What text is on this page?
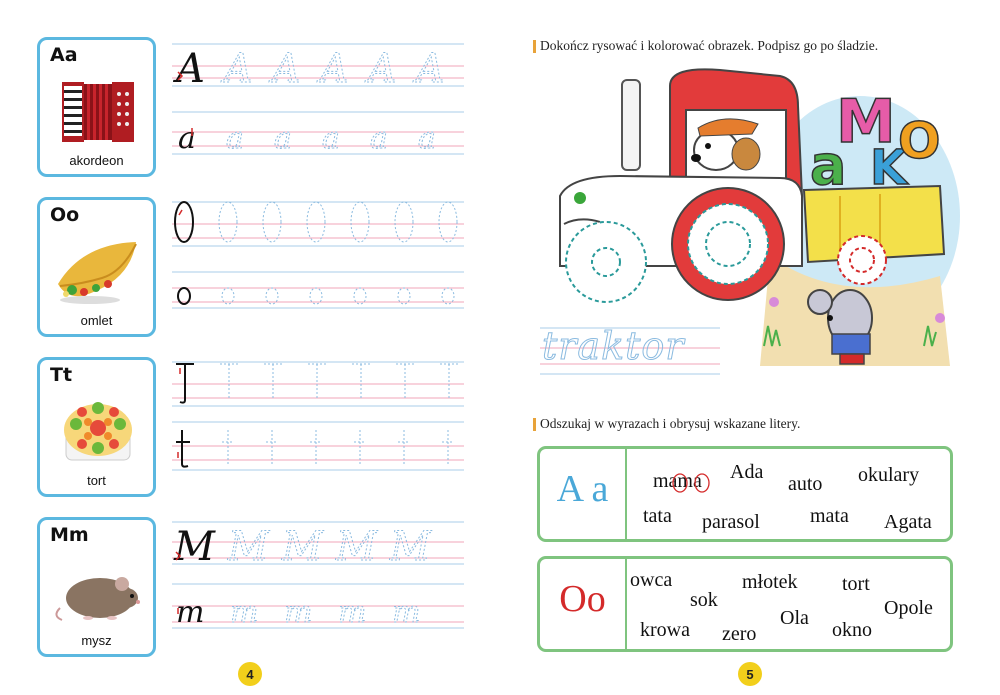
Aa
akordeon
Oo
omlet
Tt
tort
Mm
mysz
A A A A A A
a a a a a a
M M M M M
m m m m m
4
Dokończ rysować i kolorować obrazek. Podpisz go po śladzie.
a
M
K
O
traktor
Odszukaj w wyrazach i obrysuj wskazane litery.
A a	mama Ada
auto okulary
tata parasol	mata Agata
Oo	owca
sok
młotek tort
Opole
krowa zero
Ola
okno
5
